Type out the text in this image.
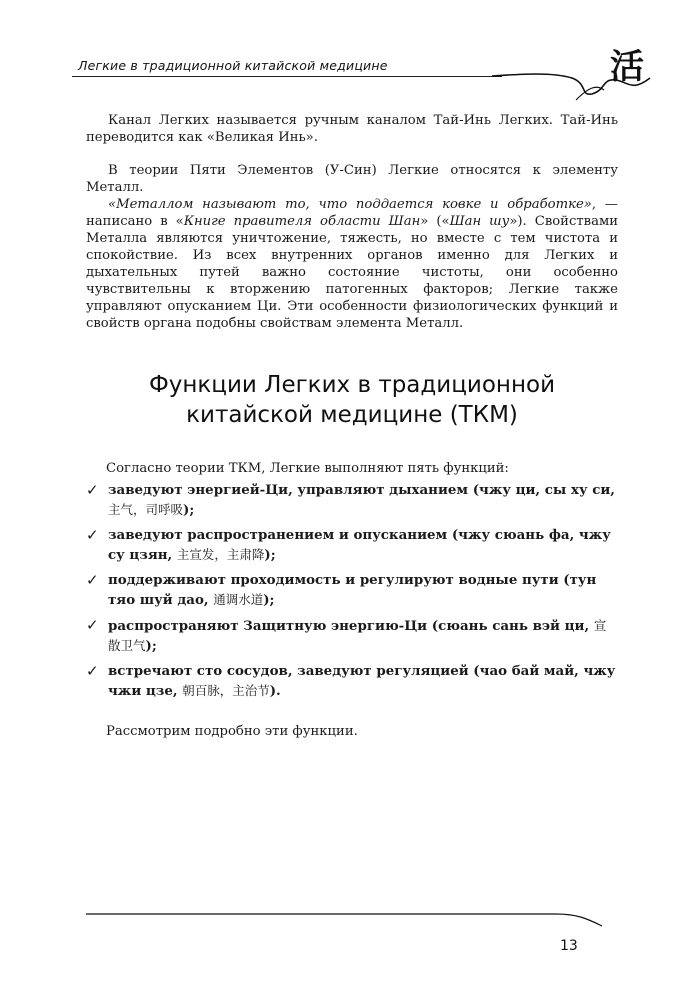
Легкие в традиционной китайской медицине	活

Канал Легких называется ручным каналом Тай-Инь Легких. Тай-Инь переводится как «Великая Инь».

В теории Пяти Элементов (У-Син) Легкие относятся к элементу Металл.

«Металлом называют то, что поддается ковке и обработке», — написано в «Книге правителя области Шан» («Шан шу»). Свойствами Металла являются уничтожение, тяжесть, но вместе с тем чистота и спокойствие. Из всех внутренних органов именно для Легких и дыхательных путей важно состояние чистоты, они особенно чувствительны к вторжению патогенных факторов; Легкие также управляют опусканием Ци. Эти особенности физиологических функций и свойств органа подобны свойствам элемента Металл.

Функции Легких в традиционной
китайской медицине (ТКМ)

Согласно теории ТКМ, Легкие выполняют пять функций:

✓ заведуют энергией-Ци, управляют дыханием (чжу ци, сы ху си, 主气，司呼吸);
✓ заведуют распространением и опусканием (чжу сюань фа, чжу су цзян, 主宣发，主肃降);
✓ поддерживают проходимость и регулируют водные пути (тун тяо шуй дао, 通调水道);
✓ распространяют Защитную энергию-Ци (сюань сань вэй ци, 宣散卫气);
✓ встречают сто сосудов, заведуют регуляцией (чао бай май, чжу чжи цзе, 朝百脉，主治节).

Рассмотрим подробно эти функции.

13
